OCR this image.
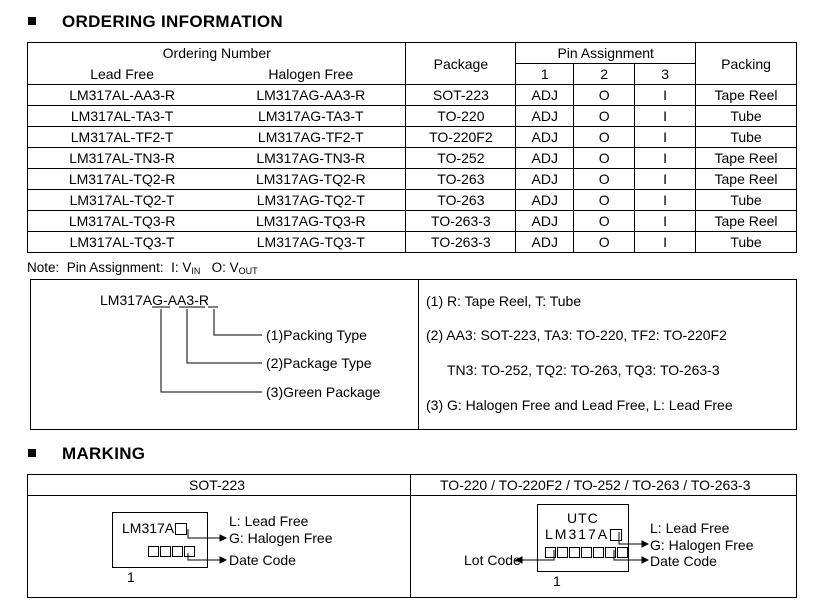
ORDERING INFORMATION
Ordering Number		Package	Pin Assignment			Packing
Lead Free	Halogen Free		1	2	3	
LM317AL-AA3-R	LM317AG-AA3-R	SOT-223	ADJ	O	I	Tape Reel
LM317AL-TA3-T	LM317AG-TA3-T	TO-220	ADJ	O	I	Tube
LM317AL-TF2-T	LM317AG-TF2-T	TO-220F2	ADJ	O	I	Tube
LM317AL-TN3-R	LM317AG-TN3-R	TO-252	ADJ	O	I	Tape Reel
LM317AL-TQ2-R	LM317AG-TQ2-R	TO-263	ADJ	O	I	Tape Reel
LM317AL-TQ2-T	LM317AG-TQ2-T	TO-263	ADJ	O	I	Tube
LM317AL-TQ3-R	LM317AG-TQ3-R	TO-263-3	ADJ	O	I	Tape Reel
LM317AL-TQ3-T	LM317AG-TQ3-T	TO-263-3	ADJ	O	I	Tube
Note:  Pin Assignment:  I: $V_{IN}$   O: $V_{OUT}$
LM317AG-AA3-R
(1)Packing Type
(2)Package Type
(3)Green Package
(1) R: Tape Reel, T: Tube
(2) AA3: SOT-223, TA3: TO-220, TF2: TO-220F2
TN3: TO-252, TQ2: TO-263, TQ3: TO-263-3
(3) G: Halogen Free and Lead Free, L: Lead Free
MARKING
SOT-223	TO-220 / TO-220F2 / TO-252 / TO-263 / TO-263-3
LM317A	L: Lead Free
G: Halogen Free
Date Code
1
UTC
LM317A	L: Lead Free
G: Halogen Free
Date Code
Lot Code
1
